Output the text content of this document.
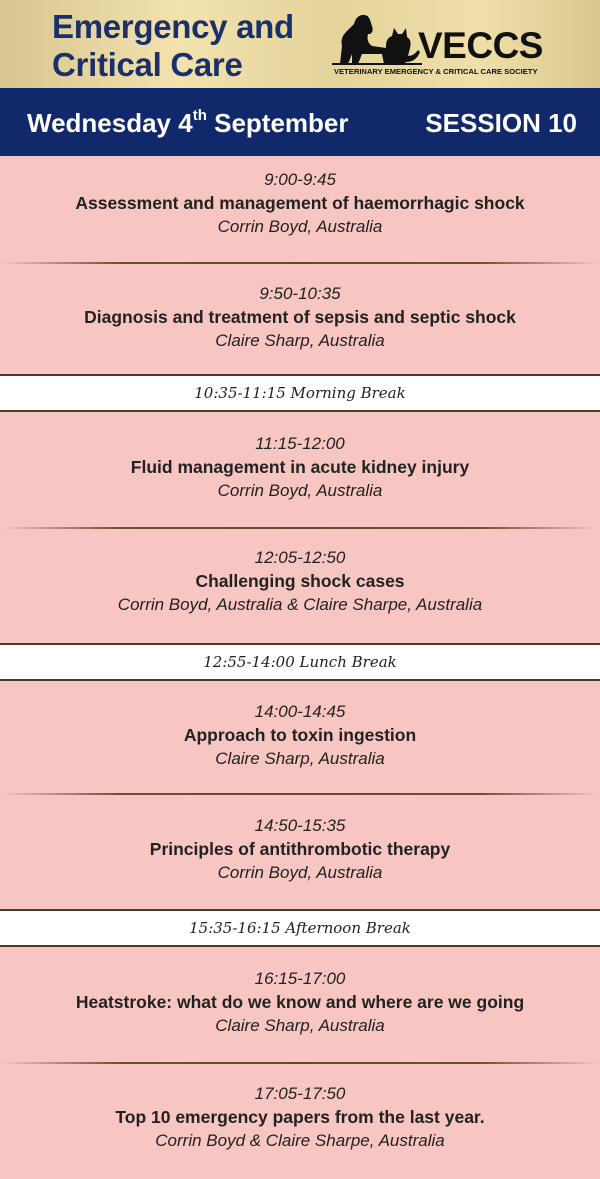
Emergency and
Critical Care	VECCS
VETERINARY EMERGENCY & CRITICAL CARE SOCIETY
Wednesday 4th September	SESSION 10
9:00-9:45
Assessment and management of haemorrhagic shock
Corrin Boyd, Australia
9:50-10:35
Diagnosis and treatment of sepsis and septic shock
Claire Sharp, Australia
10:35-11:15 Morning Break
11:15-12:00
Fluid management in acute kidney injury
Corrin Boyd, Australia
12:05-12:50
Challenging shock cases
Corrin Boyd, Australia & Claire Sharpe, Australia
12:55-14:00 Lunch Break
14:00-14:45
Approach to toxin ingestion
Claire Sharp, Australia
14:50-15:35
Principles of antithrombotic therapy
Corrin Boyd, Australia
15:35-16:15 Afternoon Break
16:15-17:00
Heatstroke: what do we know and where are we going
Claire Sharp, Australia
17:05-17:50
Top 10 emergency papers from the last year.
Corrin Boyd & Claire Sharpe, Australia
